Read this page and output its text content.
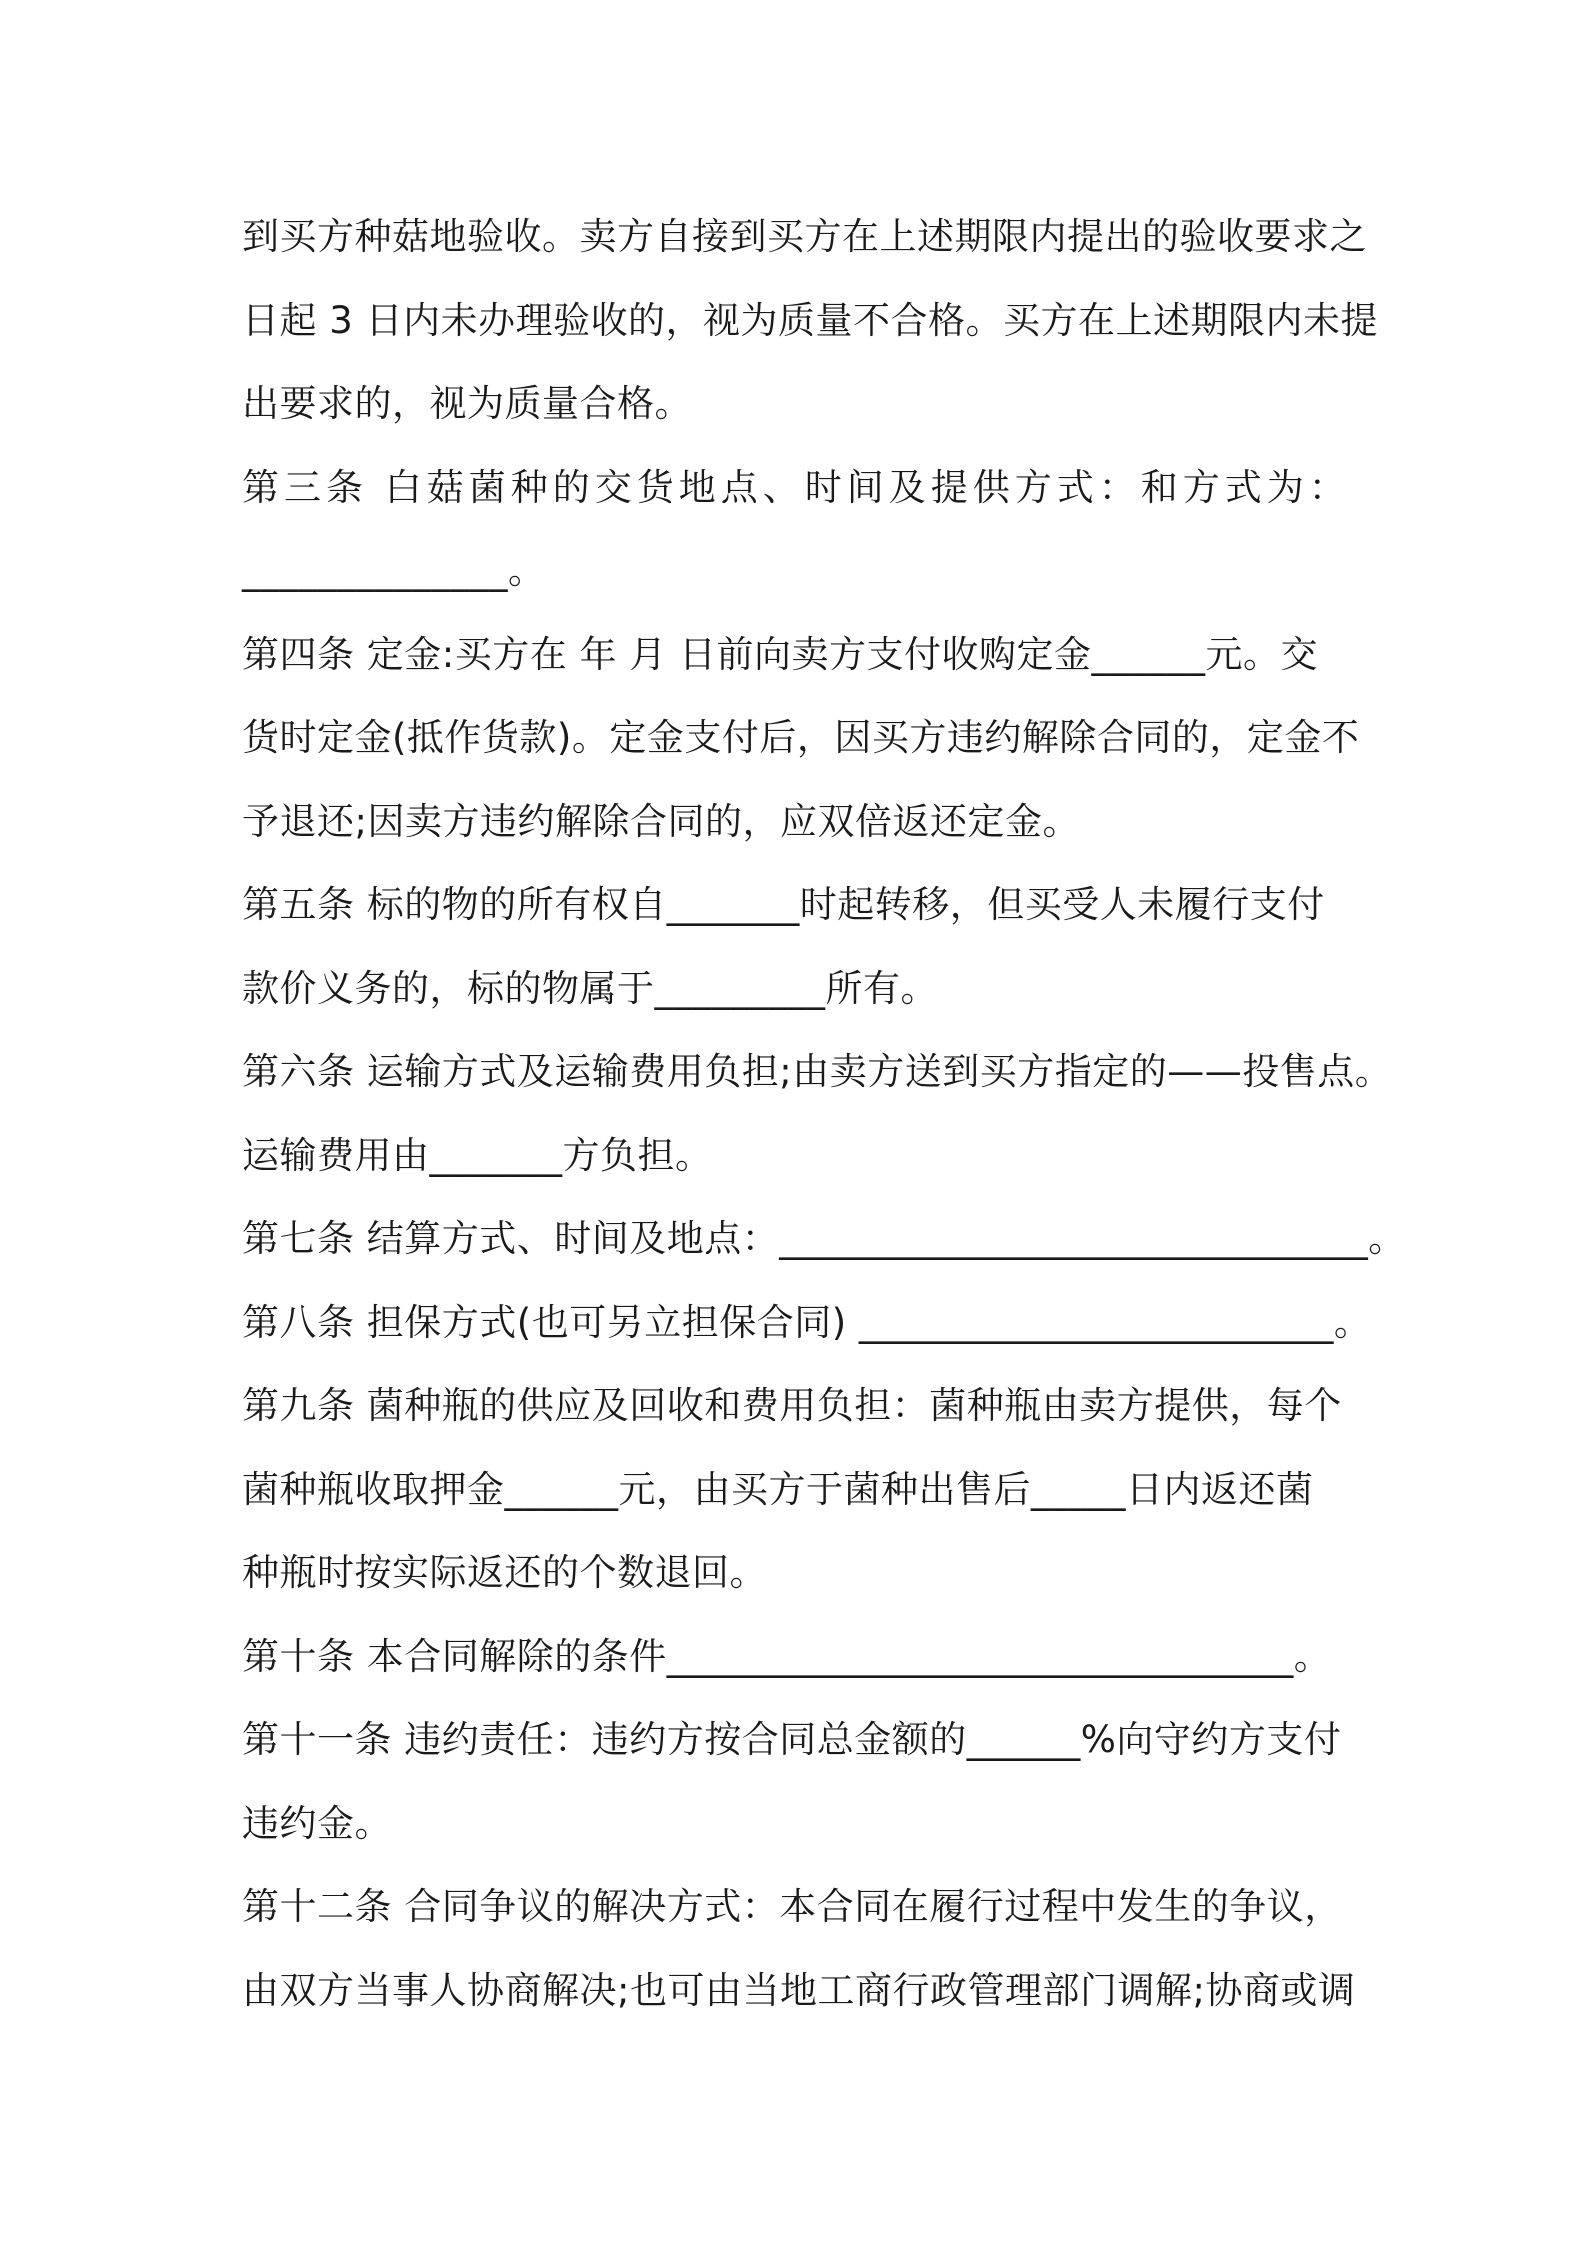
到买方种菇地验收。卖方自接到买方在上述期限内提出的验收要求之
日起 3 日内未办理验收的，视为质量不合格。买方在上述期限内未提
出要求的，视为质量合格。
第三条 白菇菌种的交货地点、时间及提供方式：和方式为：
______________。
第四条 定金:买方在 年 月 日前向卖方支付收购定金______元。交
货时定金(抵作货款)。定金支付后，因买方违约解除合同的，定金不
予退还;因卖方违约解除合同的，应双倍返还定金。
第五条 标的物的所有权自_______时起转移，但买受人未履行支付
款价义务的，标的物属于_________所有。
第六条 运输方式及运输费用负担;由卖方送到买方指定的——投售点。
运输费用由_______方负担。
第七条 结算方式、时间及地点：_______________________________。
第八条 担保方式(也可另立担保合同) _________________________。
第九条 菌种瓶的供应及回收和费用负担：菌种瓶由卖方提供，每个
菌种瓶收取押金______元，由买方于菌种出售后_____日内返还菌
种瓶时按实际返还的个数退回。
第十条 本合同解除的条件_________________________________。
第十一条 违约责任：违约方按合同总金额的______%向守约方支付
违约金。
第十二条 合同争议的解决方式：本合同在履行过程中发生的争议，
由双方当事人协商解决;也可由当地工商行政管理部门调解;协商或调
